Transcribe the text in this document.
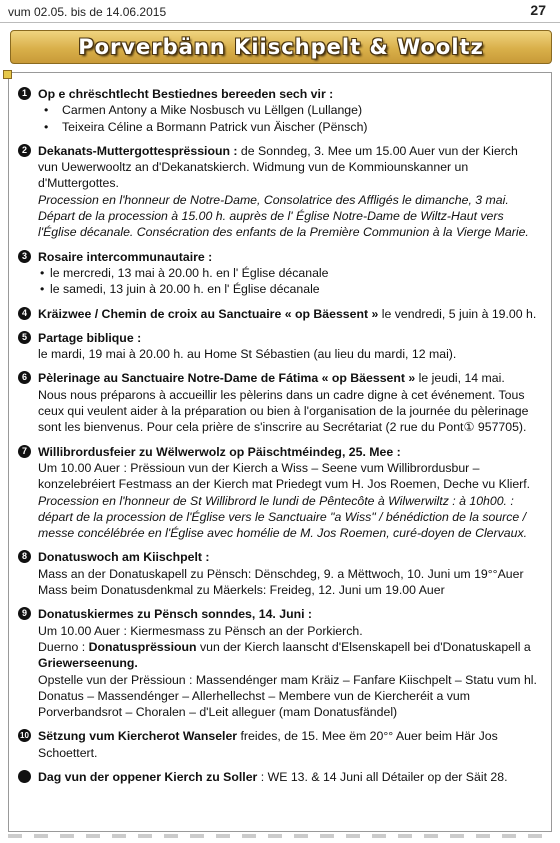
vum 02.05. bis de 14.06.2015	27
Porverbänn Kiischpelt & Wooltz
1 Op e chrëschtlecht Bestiednes bereeden sech vir :
• Carmen Antony a Mike Nosbusch vu Lëllgen (Lullange)
• Teixeira Céline a Bormann Patrick vun Äischer (Pënsch)
2 Dekanats-Muttergottesprëssioun : de Sonndeg, 3. Mee um 15.00 Auer vun der Kierch
vun Uewerwooltz an d'Dekanatskierch. Widmung vun de Kommiounskanner un
d'Muttergottes.
Procession en l'honneur de Notre-Dame, Consolatrice des Affligés le dimanche, 3 mai.
Départ de la procession à 15.00 h. auprès de l' Église Notre-Dame de Wiltz-Haut vers
l'Église décanale. Consécration des enfants de la Première Communion à la Vierge Marie.
3 Rosaire intercommunautaire :
• le mercredi, 13 mai à 20.00 h. en l' Église décanale
• le samedi, 13 juin à 20.00 h. en l' Église décanale
4 Kräizwee / Chemin de croix au Sanctuaire « op Bäessent » le vendredi, 5 juin à 19.00 h.
5 Partage biblique :
le mardi, 19 mai à 20.00 h. au Home St Sébastien (au lieu du mardi, 12 mai).
6 Pèlerinage au Sanctuaire Notre-Dame de Fátima « op Bäessent » le jeudi, 14 mai.
Nous nous préparons à accueillir les pèlerins dans un cadre digne à cet événement. Tous
ceux qui veulent aider à la préparation ou bien à l'organisation de la journée du pèlerinage
sont les bienvenus. Pour cela prière de s'inscrire au Secrétariat (2 rue du Pont① 957705).
7 Willibrordusfeier zu Wëlwerwolz op Päischtméindeg, 25. Mee :
Um 10.00 Auer : Prëssioun vun der Kierch a Wiss – Seene vum Willibrordusbur –
konzelebréiert Festmass an der Kierch mat Priedegt vum H. Jos Roemen, Deche vu Klierf.
Procession en l'honneur de St Willibrord le lundi de Pêntecôte à Wilwerwiltz : à 10h00. :
départ de la procession de l'Église vers le Sanctuaire "a Wiss" / bénédiction de la source /
messe concélébrée en l'Église avec homélie de M. Jos Roemen, curé-doyen de Clervaux.
8 Donatuswoch am Kiischpelt :
Mass an der Donatuskapell zu Pënsch: Dënschdeg, 9. a Mëttwoch, 10. Juni um 19°°Auer
Mass beim Donatusdenkmal zu Mäerkels: Freideg, 12. Juni um 19.00 Auer
9 Donatuskiermes zu Pënsch sonndes, 14. Juni :
Um 10.00 Auer : Kiermesmass zu Pënsch an der Porkierch.
Duerno : Donatusprëssioun vun der Kierch laanscht d'Elsenskapell bei d'Donatuskapell a
Griewerseenung.
Opstelle vun der Prëssioun : Massendénger mam Kräiz – Fanfare Kiischpelt – Statu vum hl.
Donatus – Massendénger – Allerhellechst – Membere vun de Kiercheréit a vum
Porverbandsrot – Choralen – d'Leit alleguer (mam Donatusfändel)
10 Sëtzung vum Kiercherot Wanseler freides, de 15. Mee ëm 20°° Auer beim Här Jos
Schoettert.
Dag vun der oppener Kierch zu Soller : WE 13. & 14 Juni all Détailer op der Säit 28.
